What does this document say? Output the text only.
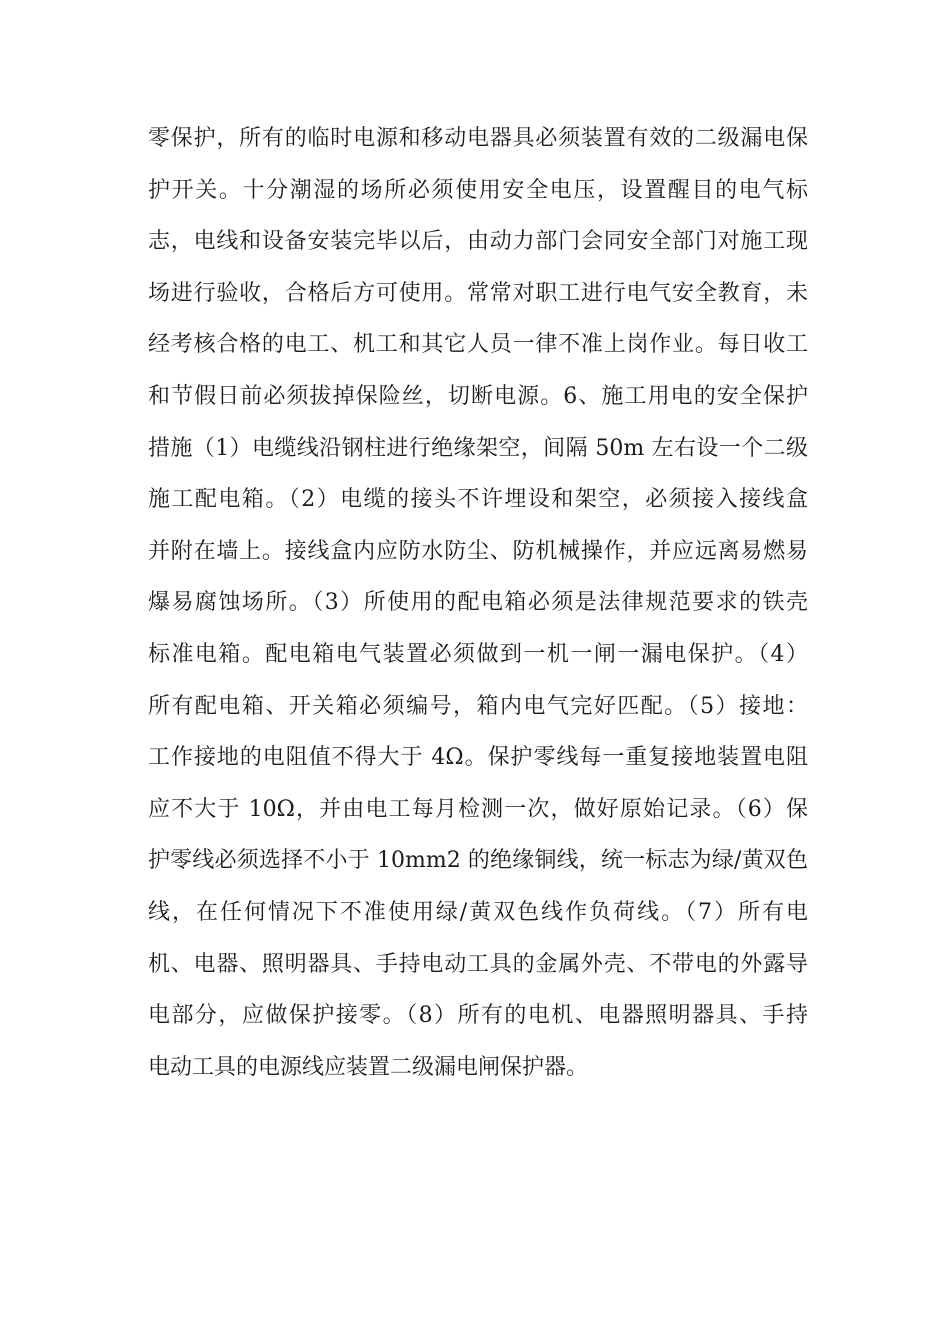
零保护，所有的临时电源和移动电器具必须装置有效的二级漏电保
护开关。十分潮湿的场所必须使用安全电压，设置醒目的电气标
志，电线和设备安装完毕以后，由动力部门会同安全部门对施工现
场进行验收，合格后方可使用。常常对职工进行电气安全教育，未
经考核合格的电工、机工和其它人员一律不准上岗作业。每日收工
和节假日前必须拔掉保险丝，切断电源。6、施工用电的安全保护
措施（1）电缆线沿钢柱进行绝缘架空，间隔 50m 左右设一个二级
施工配电箱。（2）电缆的接头不许埋设和架空，必须接入接线盒
并附在墙上。接线盒内应防水防尘、防机械操作，并应远离易燃易
爆易腐蚀场所。（3）所使用的配电箱必须是法律规范要求的铁壳
标准电箱。配电箱电气装置必须做到一机一闸一漏电保护。（4）
所有配电箱、开关箱必须编号，箱内电气完好匹配。（5）接地：
工作接地的电阻值不得大于 4Ω。保护零线每一重复接地装置电阻
应不大于 10Ω，并由电工每月检测一次，做好原始记录。（6）保
护零线必须选择不小于 10mm2 的绝缘铜线，统一标志为绿/黄双色
线，在任何情况下不准使用绿/黄双色线作负荷线。（7）所有电
机、电器、照明器具、手持电动工具的金属外壳、不带电的外露导
电部分，应做保护接零。（8）所有的电机、电器照明器具、手持
电动工具的电源线应装置二级漏电闸保护器。
